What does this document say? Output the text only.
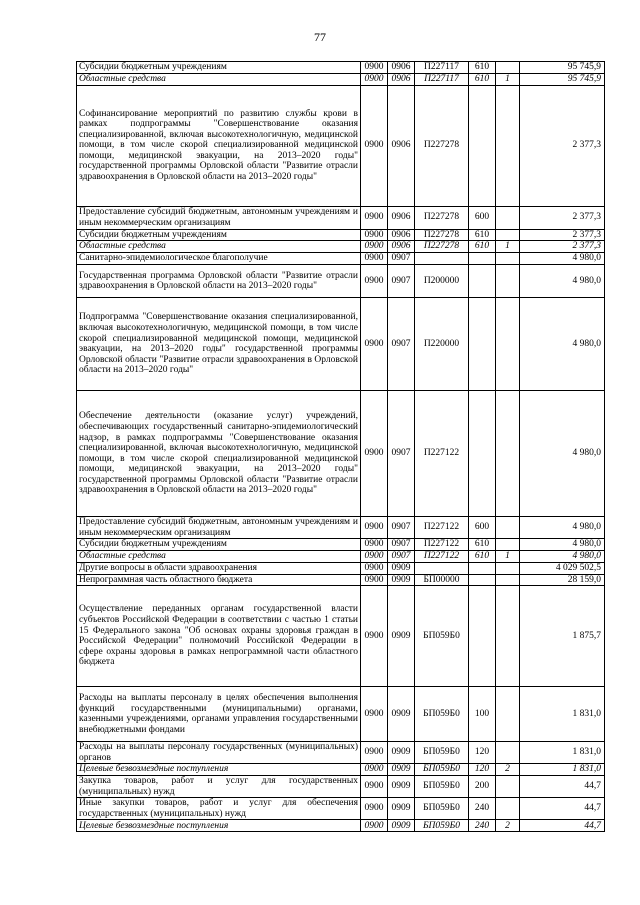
77
Субсидии бюджетным учреждениям	0900	0906	П227117	610		95 745,9
Областные средства	0900	0906	П227117	610	1	95 745,9
Софинансирование мероприятий по развитию службы крови в рамках подпрограммы "Совершенствование оказания специализированной, включая высокотехнологичную, медицинской помощи, в том числе скорой специализированной медицинской помощи, медицинской эвакуации, на 2013–2020 годы" государственной программы Орловской области "Развитие отрасли здравоохранения в Орловской области на 2013–2020 годы"	0900	0906	П227278			2 377,3
Предоставление субсидий бюджетным, автономным учреждениям и иным некоммерческим организациям	0900	0906	П227278	600		2 377,3
Субсидии бюджетным учреждениям	0900	0906	П227278	610		2 377,3
Областные средства	0900	0906	П227278	610	1	2 377,3
Санитарно-эпидемиологическое благополучие	0900	0907				4 980,0
Государственная программа Орловской области "Развитие отрасли здравоохранения в Орловской области на 2013–2020 годы"	0900	0907	П200000			4 980,0
Подпрограмма "Совершенствование оказания специализированной, включая высокотехнологичную, медицинской помощи, в том числе скорой специализированной медицинской помощи, медицинской эвакуации, на 2013–2020 годы" государственной программы Орловской области "Развитие отрасли здравоохранения в Орловской области на 2013–2020 годы"	0900	0907	П220000			4 980,0
Обеспечение деятельности (оказание услуг) учреждений, обеспечивающих государственный санитарно-эпидемиологический надзор, в рамках подпрограммы "Совершенствование оказания специализированной, включая высокотехнологичную, медицинской помощи, в том числе скорой специализированной медицинской помощи, медицинской эвакуации, на 2013–2020 годы" государственной программы Орловской области "Развитие отрасли здравоохранения в Орловской области на 2013–2020 годы"	0900	0907	П227122			4 980,0
Предоставление субсидий бюджетным, автономным учреждениям и иным некоммерческим организациям	0900	0907	П227122	600		4 980,0
Субсидии бюджетным учреждениям	0900	0907	П227122	610		4 980,0
Областные средства	0900	0907	П227122	610	1	4 980,0
Другие вопросы в области здравоохранения	0900	0909				4 029 502,5
Непрограммная часть областного бюджета	0900	0909	БП00000			28 159,0
Осуществление переданных органам государственной власти субъектов Российской Федерации в соответствии с частью 1 статьи 15 Федерального закона "Об основах охраны здоровья граждан в Российской Федерации" полномочий Российской Федерации в сфере охраны здоровья в рамках непрограммной части областного бюджета	0900	0909	БП059Б0			1 875,7
Расходы на выплаты персоналу в целях обеспечения выполнения функций государственными (муниципальными) органами, казенными учреждениями, органами управления государственными внебюджетными фондами	0900	0909	БП059Б0	100		1 831,0
Расходы на выплаты персоналу государственных (муниципальных) органов	0900	0909	БП059Б0	120		1 831,0
Целевые безвозмездные поступления	0900	0909	БП059Б0	120	2	1 831,0
Закупка товаров, работ и услуг для государственных (муниципальных) нужд	0900	0909	БП059Б0	200		44,7
Иные закупки товаров, работ и услуг для обеспечения государственных (муниципальных) нужд	0900	0909	БП059Б0	240		44,7
Целевые безвозмездные поступления	0900	0909	БП059Б0	240	2	44,7
